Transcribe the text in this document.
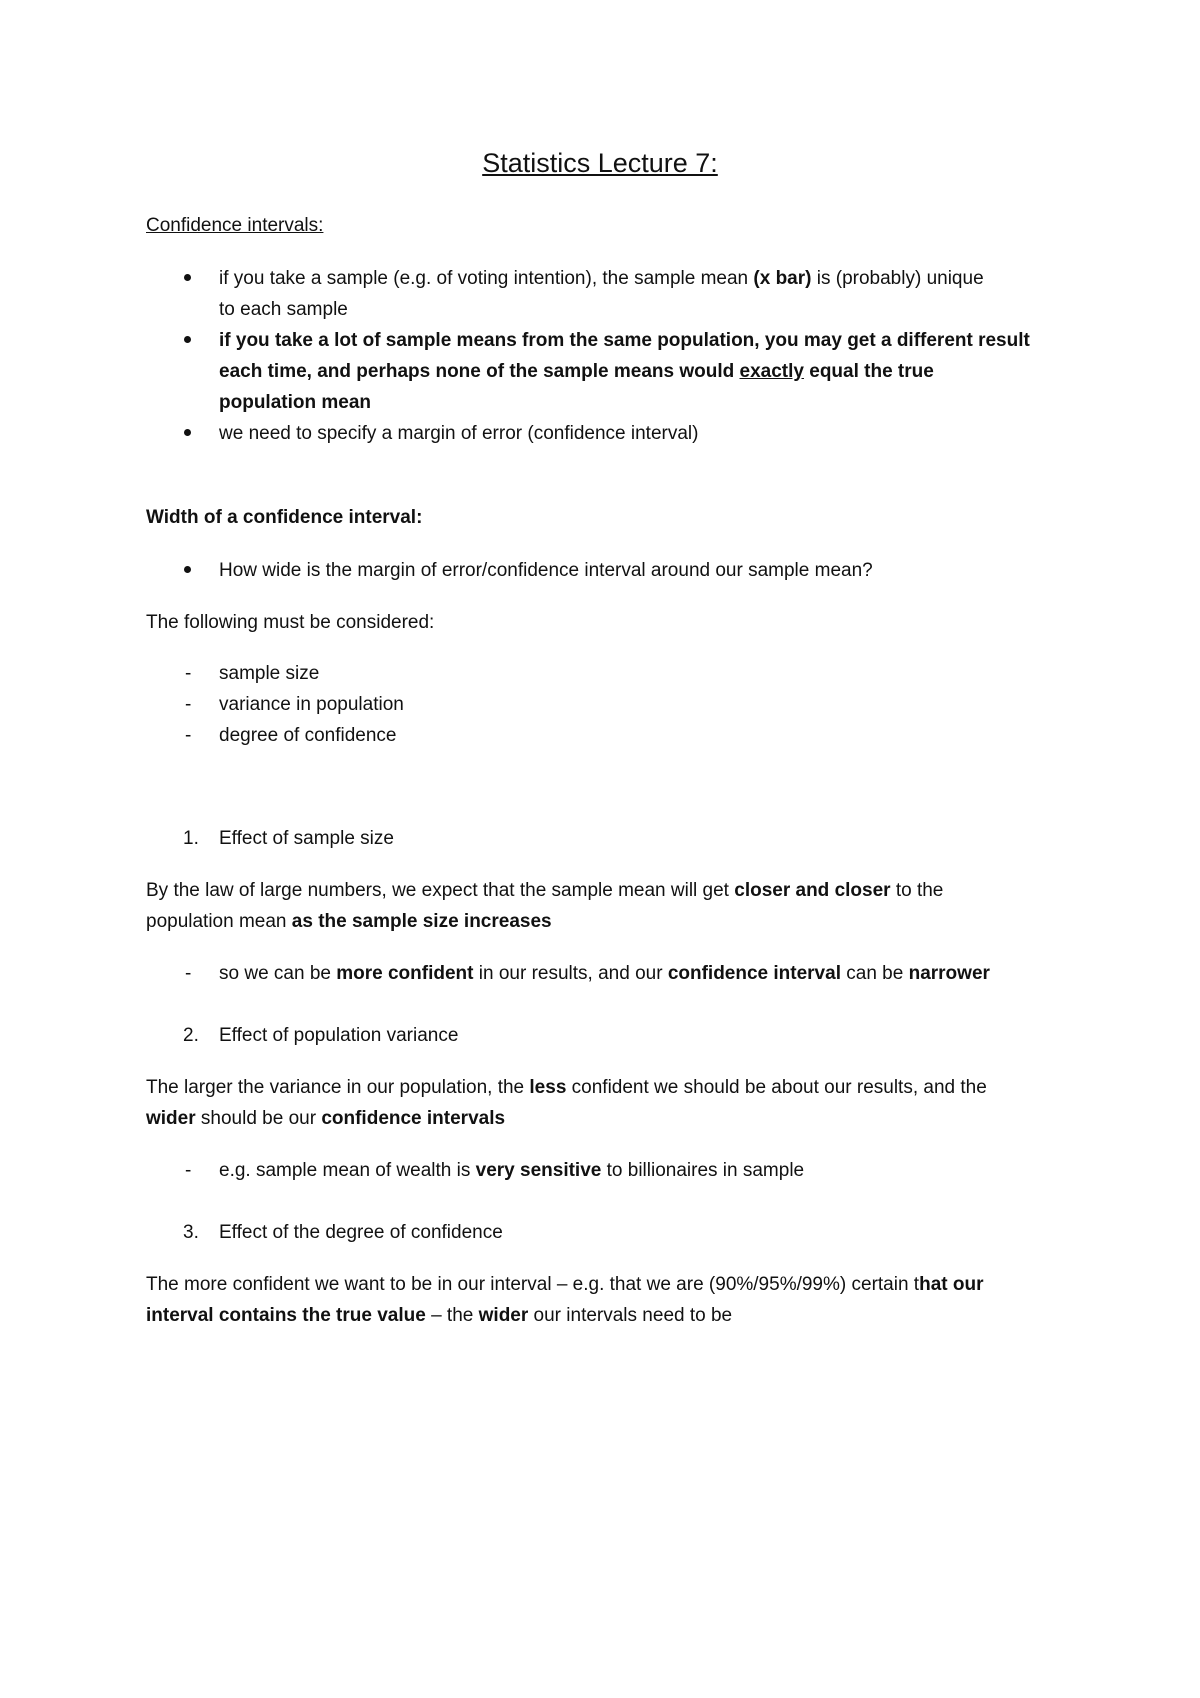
Statistics Lecture 7:
Confidence intervals:
if you take a sample (e.g. of voting intention), the sample mean (x bar) is (probably) unique
to each sample
if you take a lot of sample means from the same population, you may get a different result
each time, and perhaps none of the sample means would exactly equal the true
population mean
we need to specify a margin of error (confidence interval)
Width of a confidence interval:
How wide is the margin of error/confidence interval around our sample mean?
The following must be considered:
- sample size
- variance in population
- degree of confidence
1. Effect of sample size
By the law of large numbers, we expect that the sample mean will get closer and closer to the
population mean as the sample size increases
- so we can be more confident in our results, and our confidence interval can be narrower
2. Effect of population variance
The larger the variance in our population, the less confident we should be about our results, and the
wider should be our confidence intervals
- e.g. sample mean of wealth is very sensitive to billionaires in sample
3. Effect of the degree of confidence
The more confident we want to be in our interval – e.g. that we are (90%/95%/99%) certain that our
interval contains the true value – the wider our intervals need to be
